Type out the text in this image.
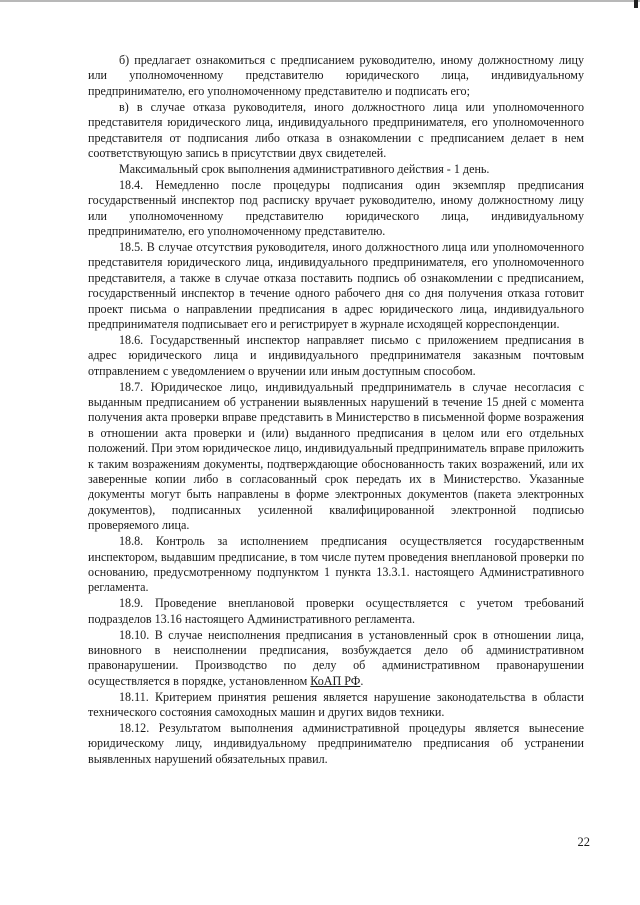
б) предлагает ознакомиться с предписанием руководителю, иному должностному лицу или уполномоченному представителю юридического лица, индивидуальному предпринимателю, его уполномоченному представителю и подписать его;

в) в случае отказа руководителя, иного должностного лица или уполномоченного представителя юридического лица, индивидуального предпринимателя, его уполномоченного представителя от подписания либо отказа в ознакомлении с предписанием делает в нем соответствующую запись в присутствии двух свидетелей.

Максимальный срок выполнения административного действия - 1 день.

18.4. Немедленно после процедуры подписания один экземпляр предписания государственный инспектор под расписку вручает руководителю, иному должностному лицу или уполномоченному представителю юридического лица, индивидуальному предпринимателю, его уполномоченному представителю.

18.5. В случае отсутствия руководителя, иного должностного лица или уполномоченного представителя юридического лица, индивидуального предпринимателя, его уполномоченного представителя, а также в случае отказа поставить подпись об ознакомлении с предписанием, государственный инспектор в течение одного рабочего дня со дня получения отказа готовит проект письма о направлении предписания в адрес юридического лица, индивидуального предпринимателя подписывает его и регистрирует в журнале исходящей корреспонденции.

18.6. Государственный инспектор направляет письмо с приложением предписания в адрес юридического лица и индивидуального предпринимателя заказным почтовым отправлением с уведомлением о вручении или иным доступным способом.

18.7. Юридическое лицо, индивидуальный предприниматель в случае несогласия с выданным предписанием об устранении выявленных нарушений в течение 15 дней с момента получения акта проверки вправе представить в Министерство в письменной форме возражения в отношении акта проверки и (или) выданного предписания в целом или его отдельных положений. При этом юридическое лицо, индивидуальный предприниматель вправе приложить к таким возражениям документы, подтверждающие обоснованность таких возражений, или их заверенные копии либо в согласованный срок передать их в Министерство. Указанные документы могут быть направлены в форме электронных документов (пакета электронных документов), подписанных усиленной квалифицированной электронной подписью проверяемого лица.

18.8. Контроль за исполнением предписания осуществляется государственным инспектором, выдавшим предписание, в том числе путем проведения внеплановой проверки по основанию, предусмотренному подпунктом 1 пункта 13.3.1. настоящего Административного регламента.

18.9. Проведение внеплановой проверки осуществляется с учетом требований подразделов 13.16 настоящего Административного регламента.

18.10. В случае неисполнения предписания в установленный срок в отношении лица, виновного в неисполнении предписания, возбуждается дело об административном правонарушении. Производство по делу об административном правонарушении осуществляется в порядке, установленном КоАП РФ.

18.11. Критерием принятия решения является нарушение законодательства в области технического состояния самоходных машин и других видов техники.

18.12. Результатом выполнения административной процедуры является вынесение юридическому лицу, индивидуальному предпринимателю предписания об устранении выявленных нарушений обязательных правил.

22
